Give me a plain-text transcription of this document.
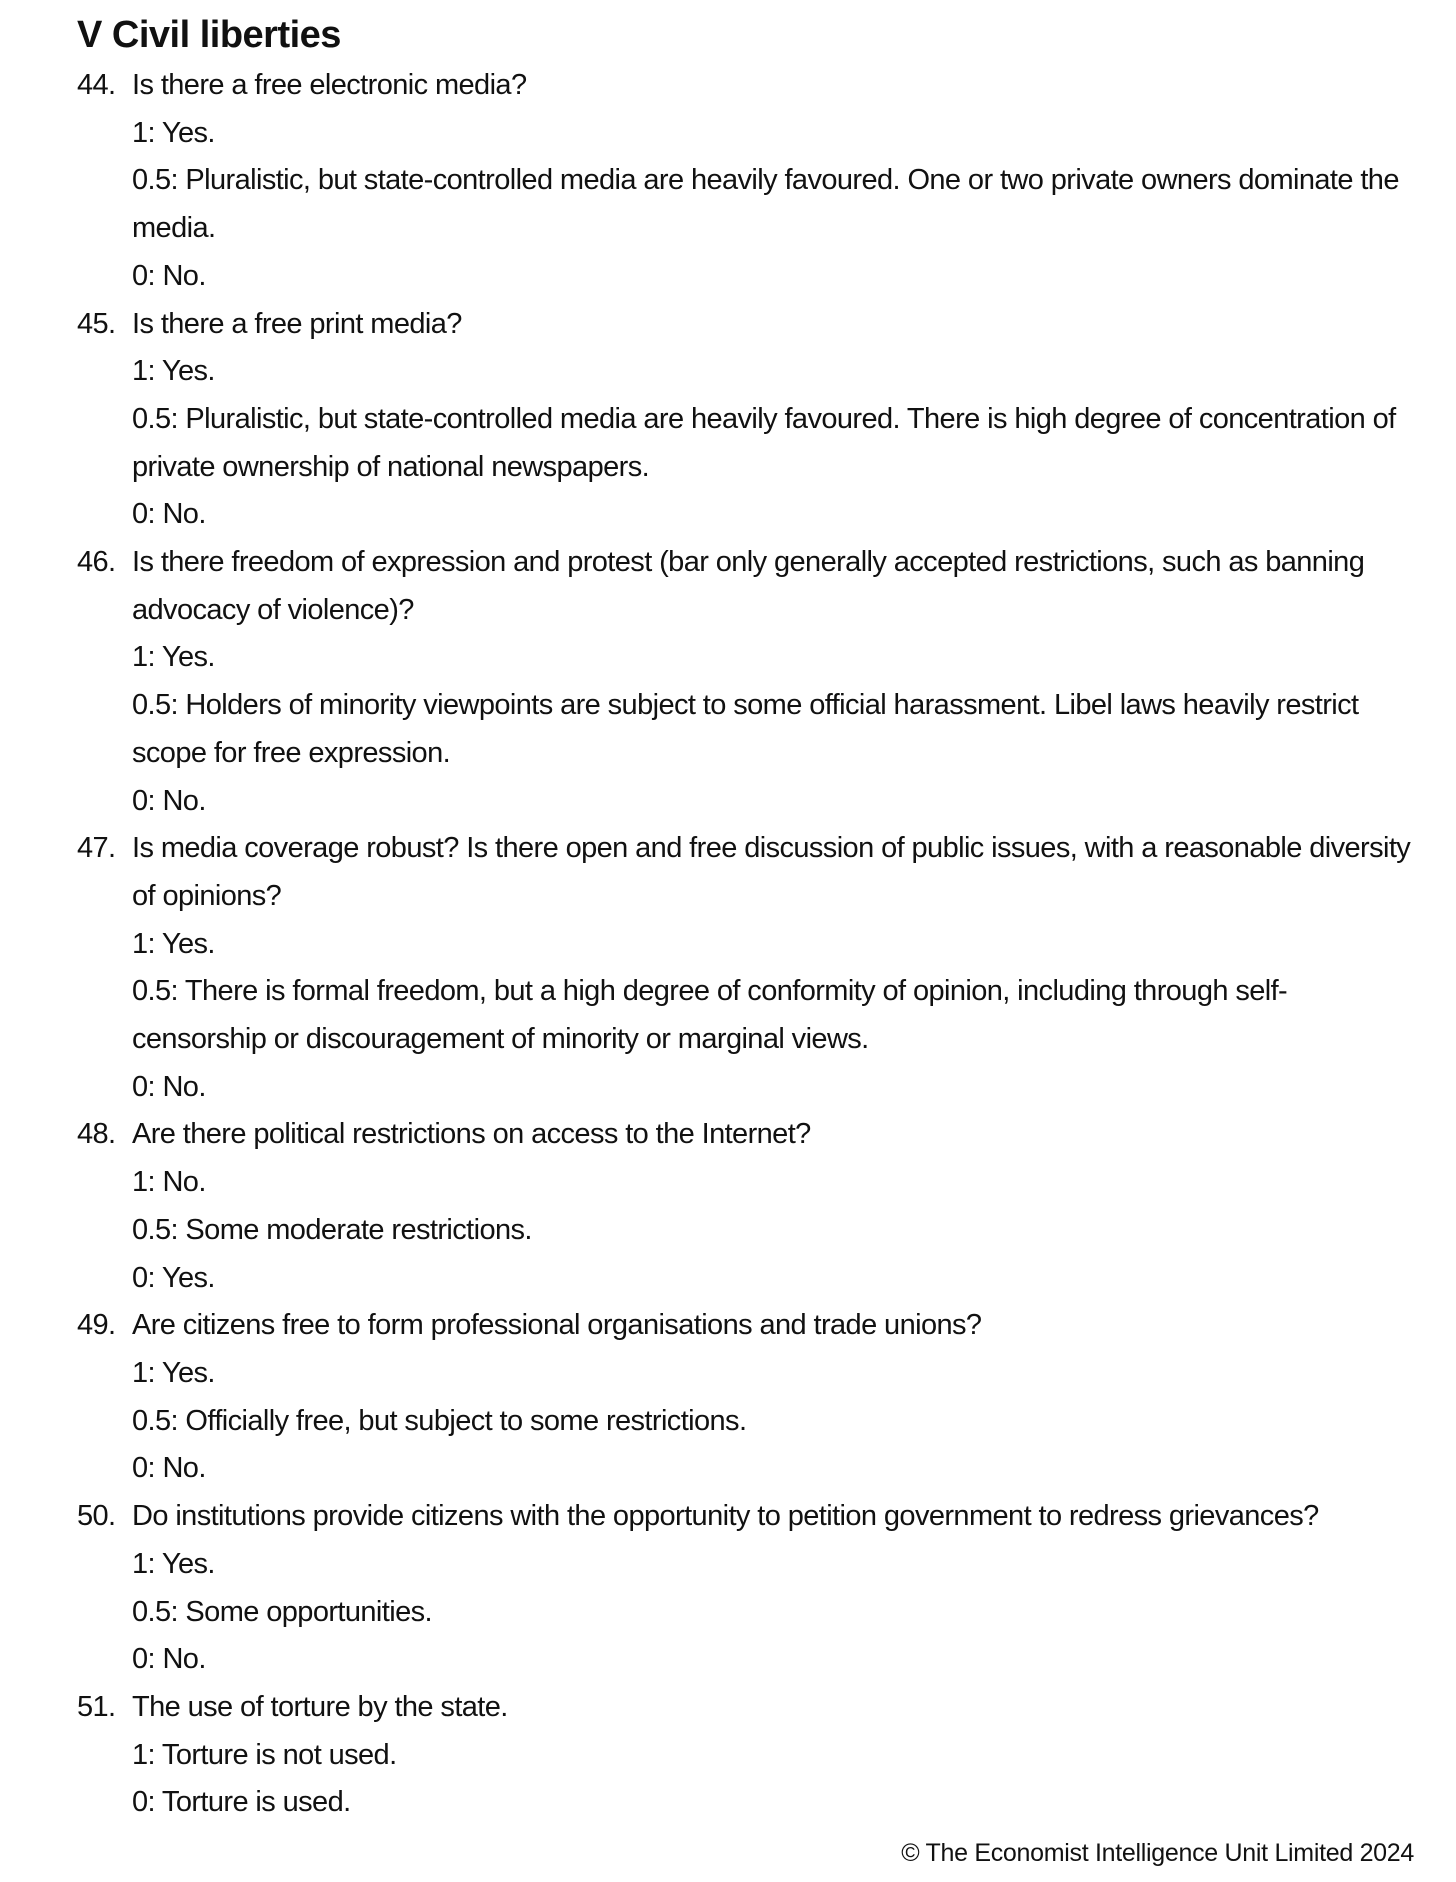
V Civil liberties
44. Is there a free electronic media?
1: Yes.
0.5: Pluralistic, but state-controlled media are heavily favoured. One or two private owners dominate the media.
0: No.
45. Is there a free print media?
1: Yes.
0.5: Pluralistic, but state-controlled media are heavily favoured. There is high degree of concentration of private ownership of national newspapers.
0: No.
46. Is there freedom of expression and protest (bar only generally accepted restrictions, such as banning advocacy of violence)?
1: Yes.
0.5: Holders of minority viewpoints are subject to some official harassment. Libel laws heavily restrict scope for free expression.
0: No.
47. Is media coverage robust? Is there open and free discussion of public issues, with a reasonable diversity of opinions?
1: Yes.
0.5: There is formal freedom, but a high degree of conformity of opinion, including through self-censorship or discouragement of minority or marginal views.
0: No.
48. Are there political restrictions on access to the Internet?
1: No.
0.5: Some moderate restrictions.
0: Yes.
49. Are citizens free to form professional organisations and trade unions?
1: Yes.
0.5: Officially free, but subject to some restrictions.
0: No.
50. Do institutions provide citizens with the opportunity to petition government to redress grievances?
1: Yes.
0.5: Some opportunities.
0: No.
51. The use of torture by the state.
1: Torture is not used.
0: Torture is used.
© The Economist Intelligence Unit Limited 2024
